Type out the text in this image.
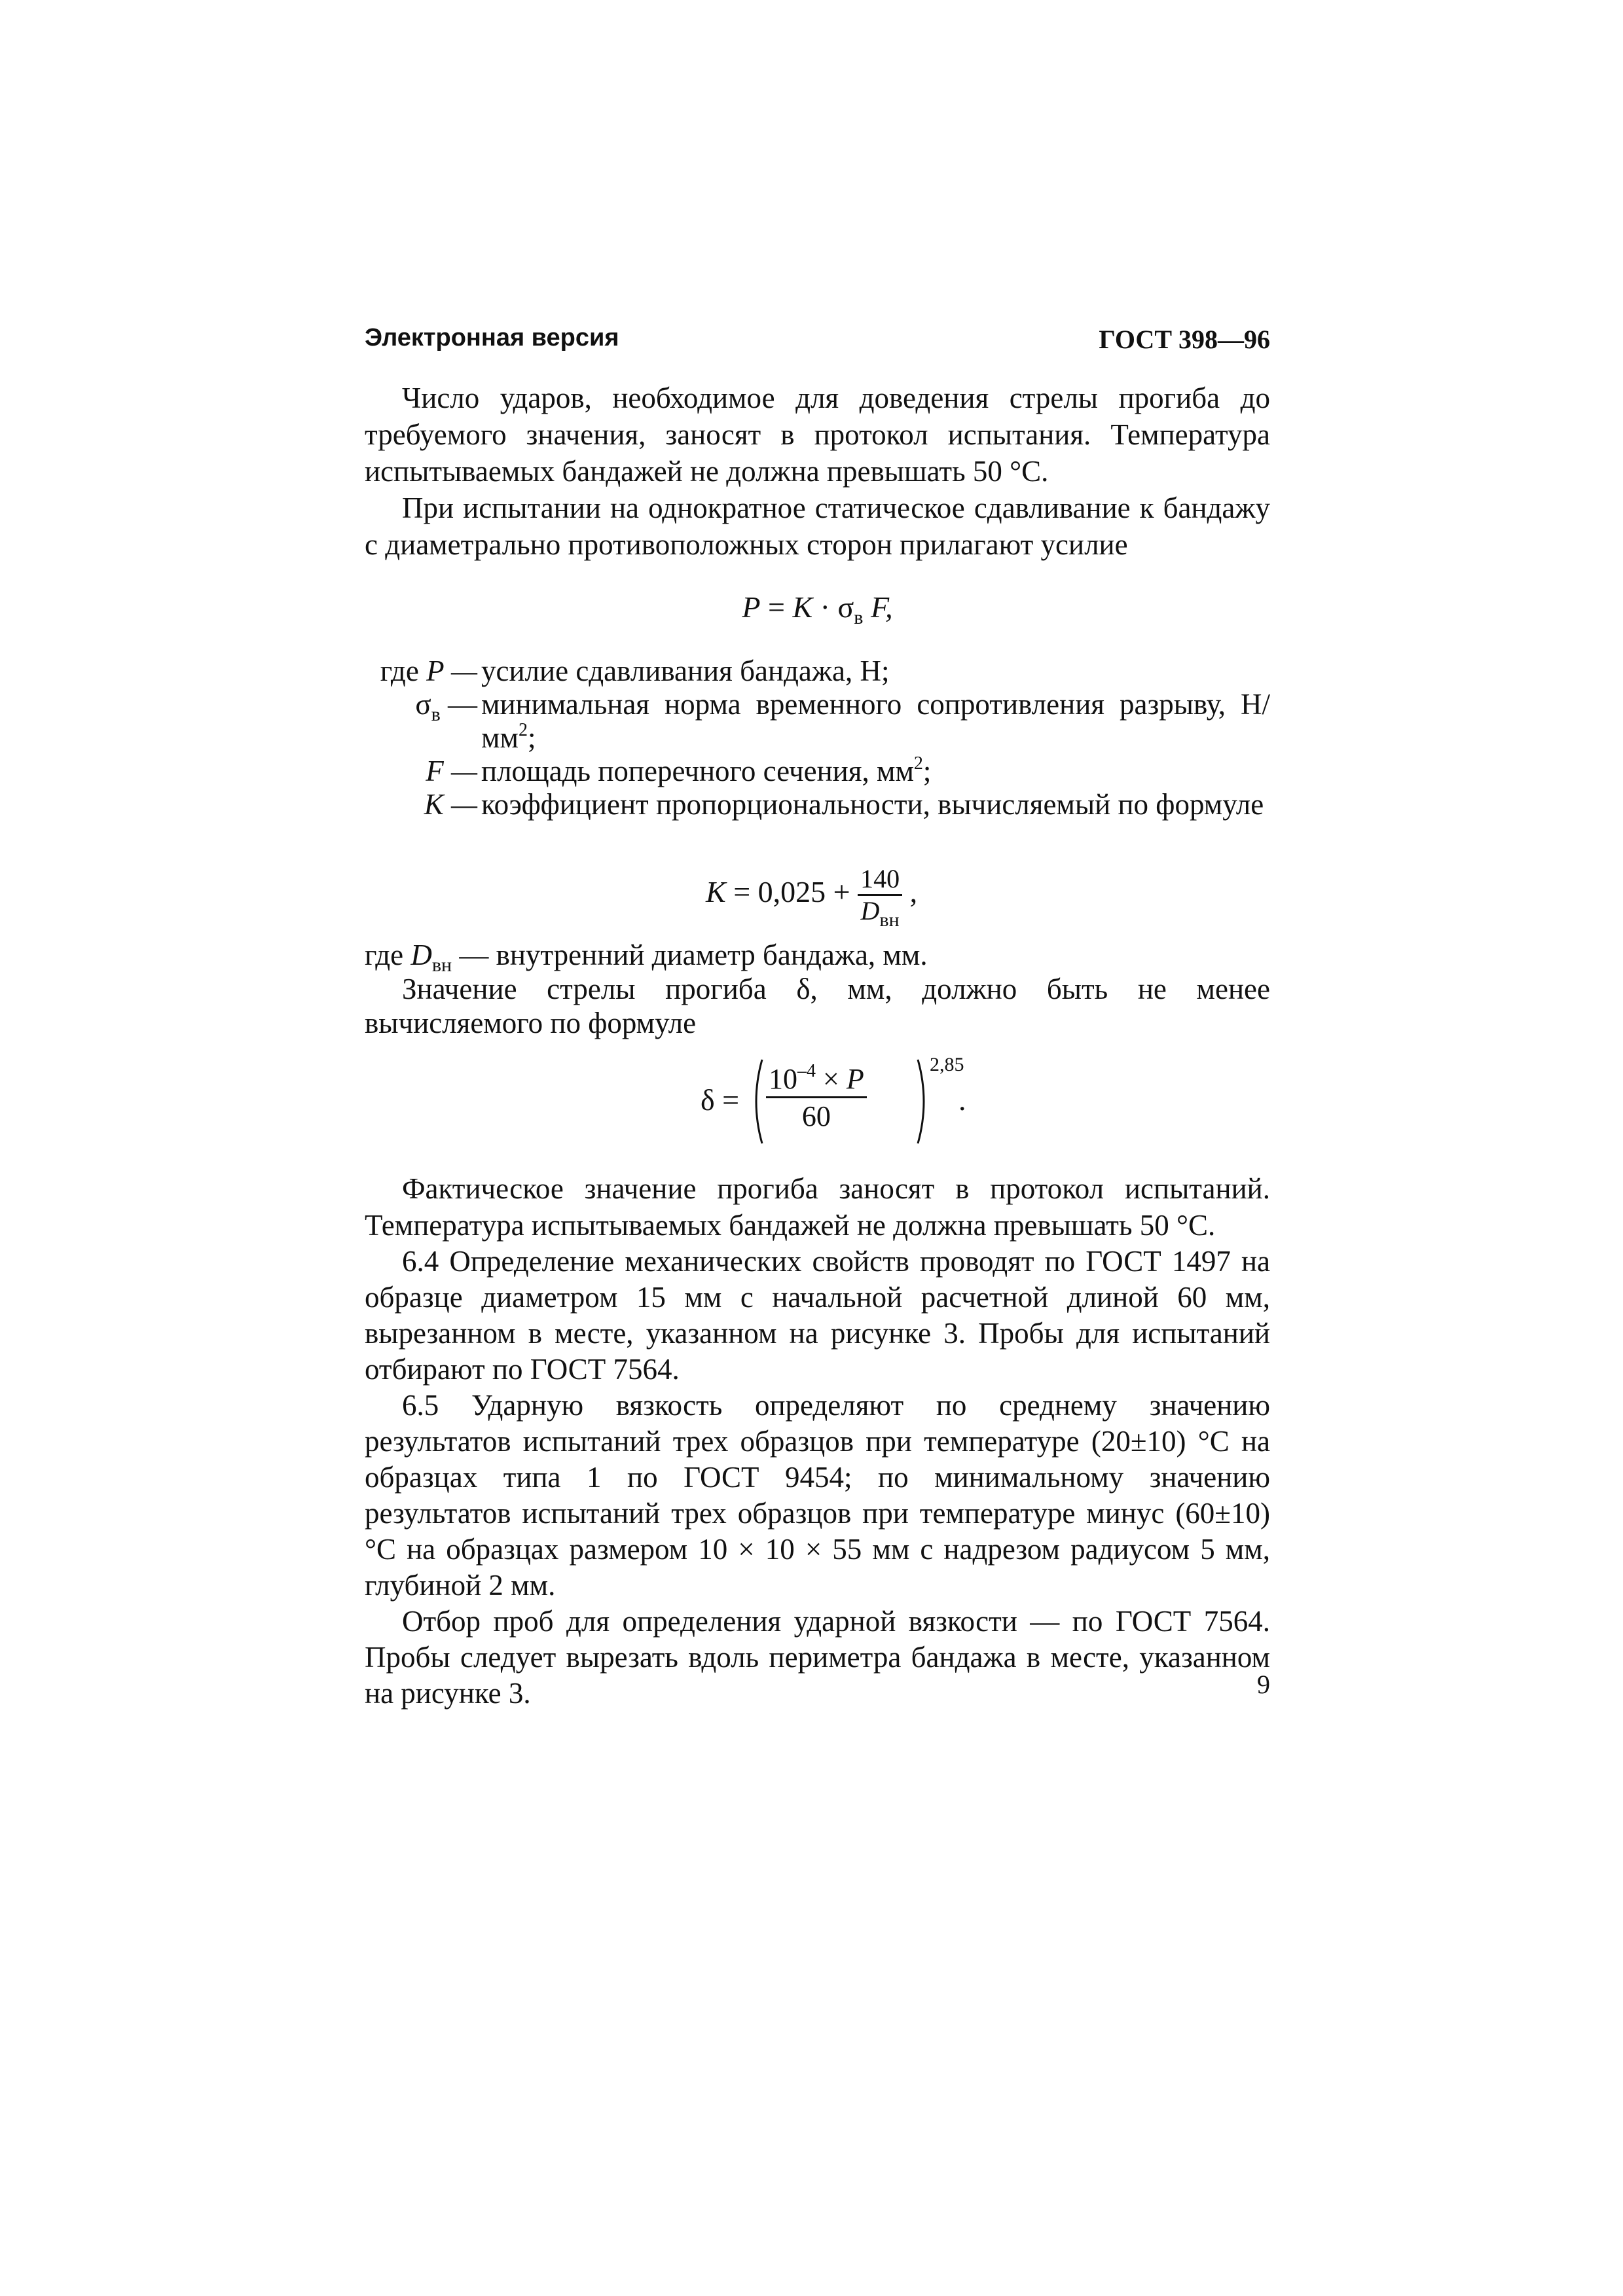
Электронная версия	ГОСТ 398—96

Число ударов, необходимое для доведения стрелы прогиба до требуемого значения, заносят в протокол испытания. Температура испытываемых бандажей не должна превышать 50 °С.

При испытании на однократное статическое сдавливание к бандажу с диаметрально противоположных сторон прилагают усилие

$P = K \cdot \sigma_в$ F,
где P — усилие сдавливания бандажа, Н;
$\sigma_в$ — минимальная норма временного сопротивления разрыву, $Н/мм^2$;
F — площадь поперечного сечения, $мм^2$;
K — коэффициент пропорциональности, вычисляемый по формуле
$K = 0,025 + \frac{140}{D_{вн}}$ ,

где $D_{вн}$ — внутренний диаметр бандажа, мм.

Значение стрелы прогиба δ, мм, должно быть не менее вычисляемого по формуле

$\delta = \frac{10^{-4} \times P}{60}$	2,85
.

Фактическое значение прогиба заносят в протокол испытаний. Температура испытываемых бандажей не должна превышать 50 °С.

6.4 Определение механических свойств проводят по ГОСТ 1497 на образце диаметром 15 мм с начальной расчетной длиной 60 мм, вырезанном в месте, указанном на рисунке 3. Пробы для испытаний отбирают по ГОСТ 7564.

6.5 Ударную вязкость определяют по среднему значению результатов испытаний трех образцов при температуре (20±10) °С на образцах типа 1 по ГОСТ 9454; по минимальному значению результатов испытаний трех образцов при температуре минус (60±10) °С на образцах размером 10 × 10 × 55 мм с надрезом радиусом 5 мм, глубиной 2 мм.

Отбор проб для определения ударной вязкости — по ГОСТ 7564. Пробы следует вырезать вдоль периметра бандажа в месте, указанном на рисунке 3.	9
